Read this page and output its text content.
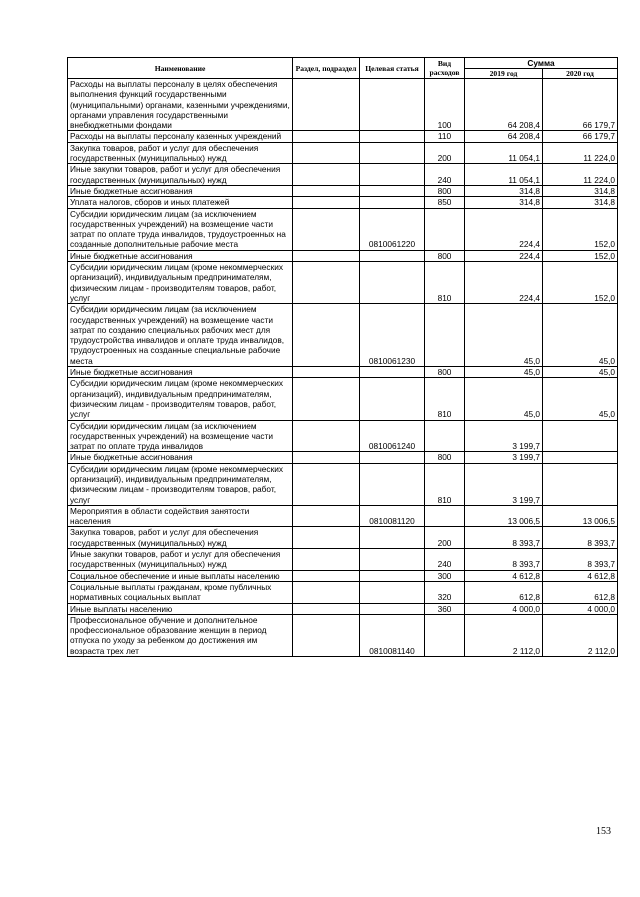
Наименование	Раздел, подраздел	Целевая статья	Вид расходов	Сумма	
				2019 год	2020 год
Расходы на выплаты персоналу в целях обеспечения выполнения функций государственными (муниципальными) органами, казенными учреждениями, органами управления государственными внебюджетными фондами			100	64 208,4	66 179,7
Расходы на выплаты персоналу казенных учреждений			110	64 208,4	66 179,7
Закупка товаров, работ и услуг для обеспечения государственных (муниципальных) нужд			200	11 054,1	11 224,0
Иные закупки товаров, работ и услуг для обеспечения государственных (муниципальных) нужд			240	11 054,1	11 224,0
Иные бюджетные ассигнования			800	314,8	314,8
Уплата налогов, сборов и иных платежей			850	314,8	314,8
Субсидии юридическим лицам (за исключением государственных учреждений) на возмещение части затрат по оплате труда инвалидов, трудоустроенных на созданные дополнительные рабочие места		0810061220		224,4	152,0
Иные бюджетные ассигнования			800	224,4	152,0
Субсидии юридическим лицам (кроме некоммерческих организаций), индивидуальным предпринимателям, физическим лицам - производителям товаров, работ, услуг			810	224,4	152,0
Субсидии юридическим лицам (за исключением государственных учреждений) на возмещение части затрат по созданию специальных рабочих мест для трудоустройства инвалидов и оплате труда инвалидов, трудоустроенных на созданные специальные рабочие места		0810061230		45,0	45,0
Иные бюджетные ассигнования			800	45,0	45,0
Субсидии юридическим лицам (кроме некоммерческих организаций), индивидуальным предпринимателям, физическим лицам - производителям товаров, работ, услуг			810	45,0	45,0
Субсидии юридическим лицам (за исключением государственных учреждений) на возмещение части затрат по оплате труда инвалидов		0810061240		3 199,7	
Иные бюджетные ассигнования			800	3 199,7	
Субсидии юридическим лицам (кроме некоммерческих организаций), индивидуальным предпринимателям, физическим лицам - производителям товаров, работ, услуг			810	3 199,7	
Мероприятия в области содействия занятости населения		0810081120		13 006,5	13 006,5
Закупка товаров, работ и услуг для обеспечения государственных (муниципальных) нужд			200	8 393,7	8 393,7
Иные закупки товаров, работ и услуг для обеспечения государственных (муниципальных) нужд			240	8 393,7	8 393,7
Социальное обеспечение и иные выплаты населению			300	4 612,8	4 612,8
Социальные выплаты гражданам, кроме публичных нормативных социальных выплат			320	612,8	612,8
Иные выплаты населению			360	4 000,0	4 000,0
Профессиональное обучение и дополнительное профессиональное образование женщин в период отпуска по уходу за ребенком до достижения им возраста трех лет		0810081140		2 112,0	2 112,0
153
